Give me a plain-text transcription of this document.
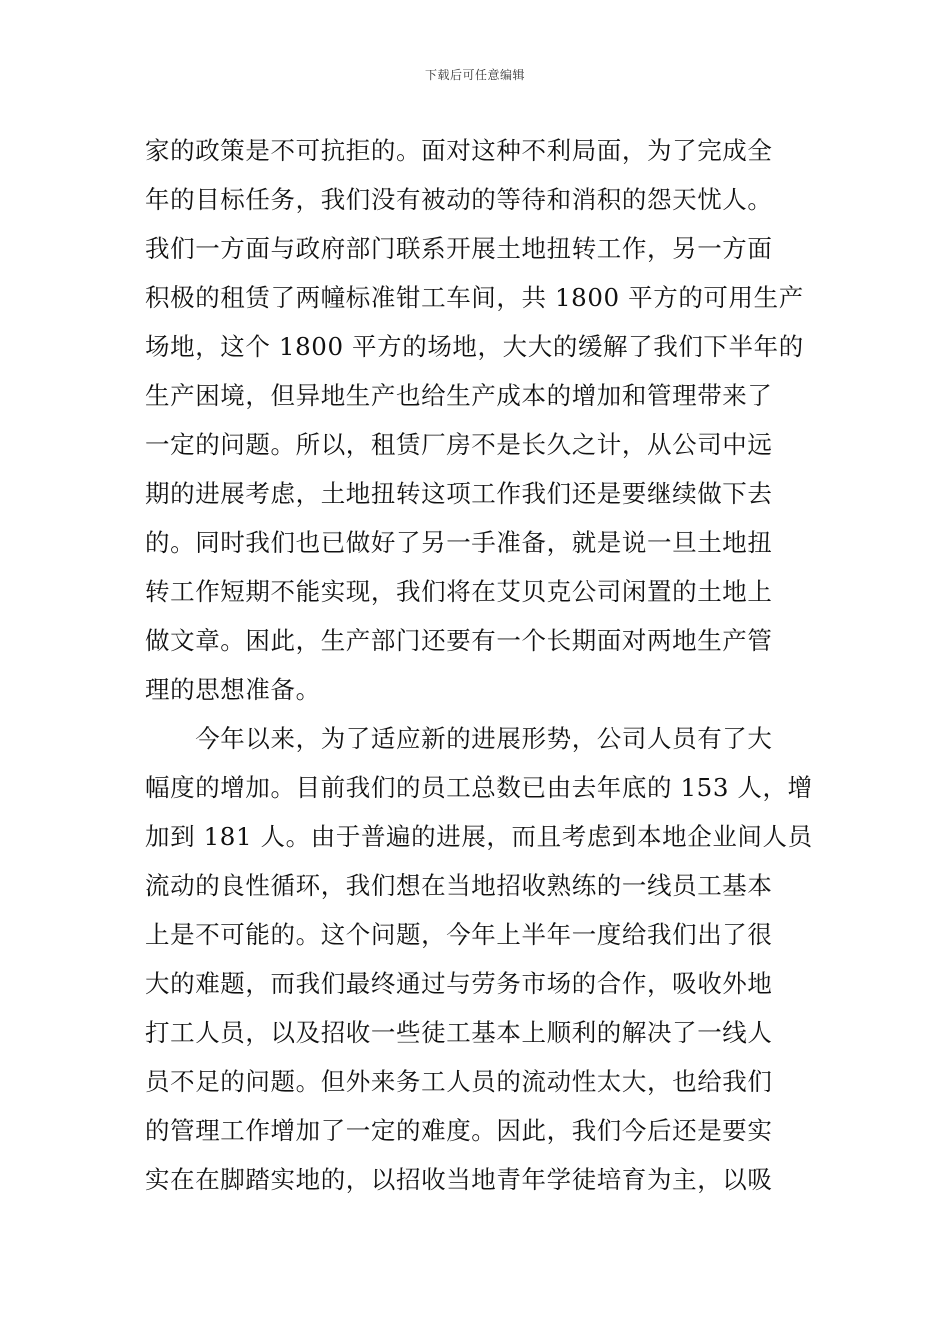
下载后可任意编辑
家的政策是不可抗拒的。面对这种不利局面，为了完成全
年的目标任务，我们没有被动的等待和消积的怨天忧人。
我们一方面与政府部门联系开展土地扭转工作，另一方面
积极的租赁了两幢标准钳工车间，共 1800 平方的可用生产
场地，这个 1800 平方的场地，大大的缓解了我们下半年的
生产困境，但异地生产也给生产成本的增加和管理带来了
一定的问题。所以，租赁厂房不是长久之计，从公司中远
期的进展考虑，土地扭转这项工作我们还是要继续做下去
的。同时我们也已做好了另一手准备，就是说一旦土地扭
转工作短期不能实现，我们将在艾贝克公司闲置的土地上
做文章。困此，生产部门还要有一个长期面对两地生产管
理的思想准备。
　　今年以来，为了适应新的进展形势，公司人员有了大
幅度的增加。目前我们的员工总数已由去年底的 153 人，增
加到 181 人。由于普遍的进展，而且考虑到本地企业间人员
流动的良性循环，我们想在当地招收熟练的一线员工基本
上是不可能的。这个问题，今年上半年一度给我们出了很
大的难题，而我们最终通过与劳务市场的合作，吸收外地
打工人员，以及招收一些徒工基本上顺利的解决了一线人
员不足的问题。但外来务工人员的流动性太大，也给我们
的管理工作增加了一定的难度。因此，我们今后还是要实
实在在脚踏实地的，以招收当地青年学徒培育为主，以吸
